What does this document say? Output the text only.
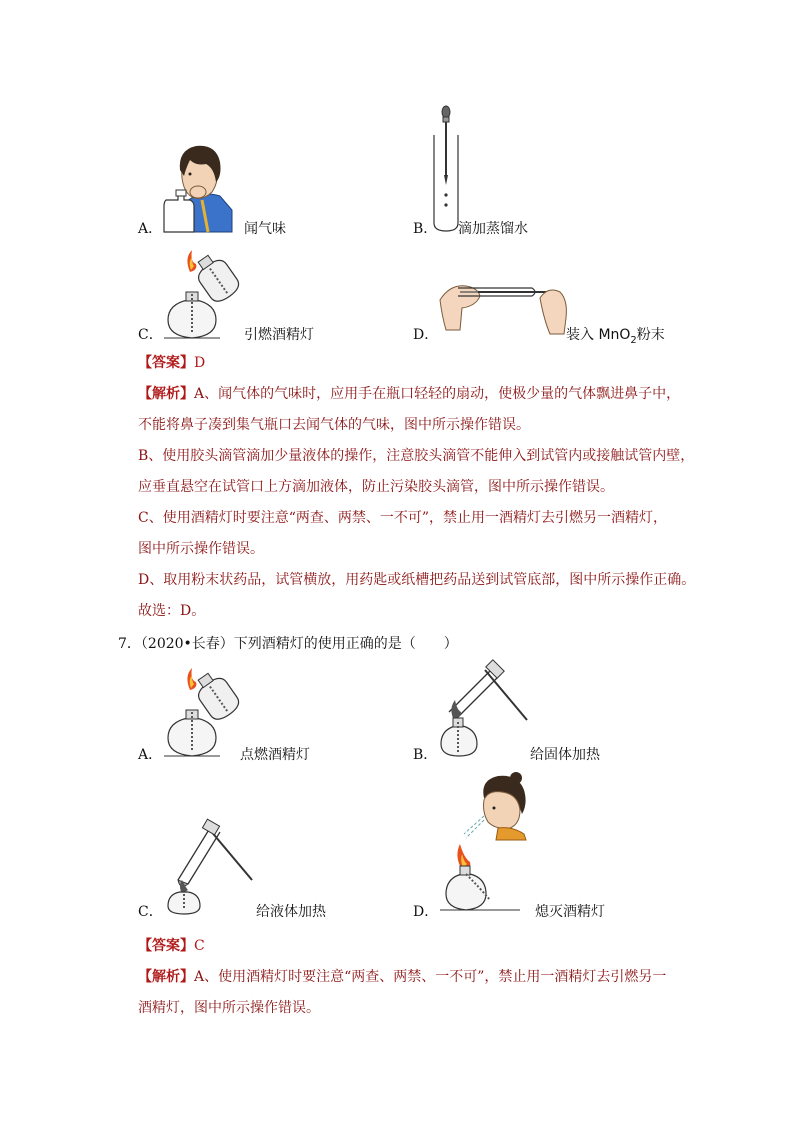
A．	闻气味	B． 滴加蒸馏水
C．	引燃酒精灯	D．	装入 MnO$_2$粉末
【答案】D
【解析】A、闻气体的气味时，应用手在瓶口轻轻的扇动，使极少量的气体飘进鼻子中，
不能将鼻子凑到集气瓶口去闻气体的气味，图中所示操作错误。
B、使用胶头滴管滴加少量液体的操作，注意胶头滴管不能伸入到试管内或接触试管内壁，
应垂直悬空在试管口上方滴加液体，防止污染胶头滴管，图中所示操作错误。
C、使用酒精灯时要注意“两查、两禁、一不可”，禁止用一酒精灯去引燃另一酒精灯，
图中所示操作错误。
D、取用粉末状药品，试管横放，用药匙或纸槽把药品送到试管底部，图中所示操作正确。
故选：D。
7．（2020•长春）下列酒精灯的使用正确的是（　　）
A．	点燃酒精灯	B．	给固体加热
C．	给液体加热	D．	熄灭酒精灯
【答案】C
【解析】A、使用酒精灯时要注意“两查、两禁、一不可”，禁止用一酒精灯去引燃另一
酒精灯，图中所示操作错误。
